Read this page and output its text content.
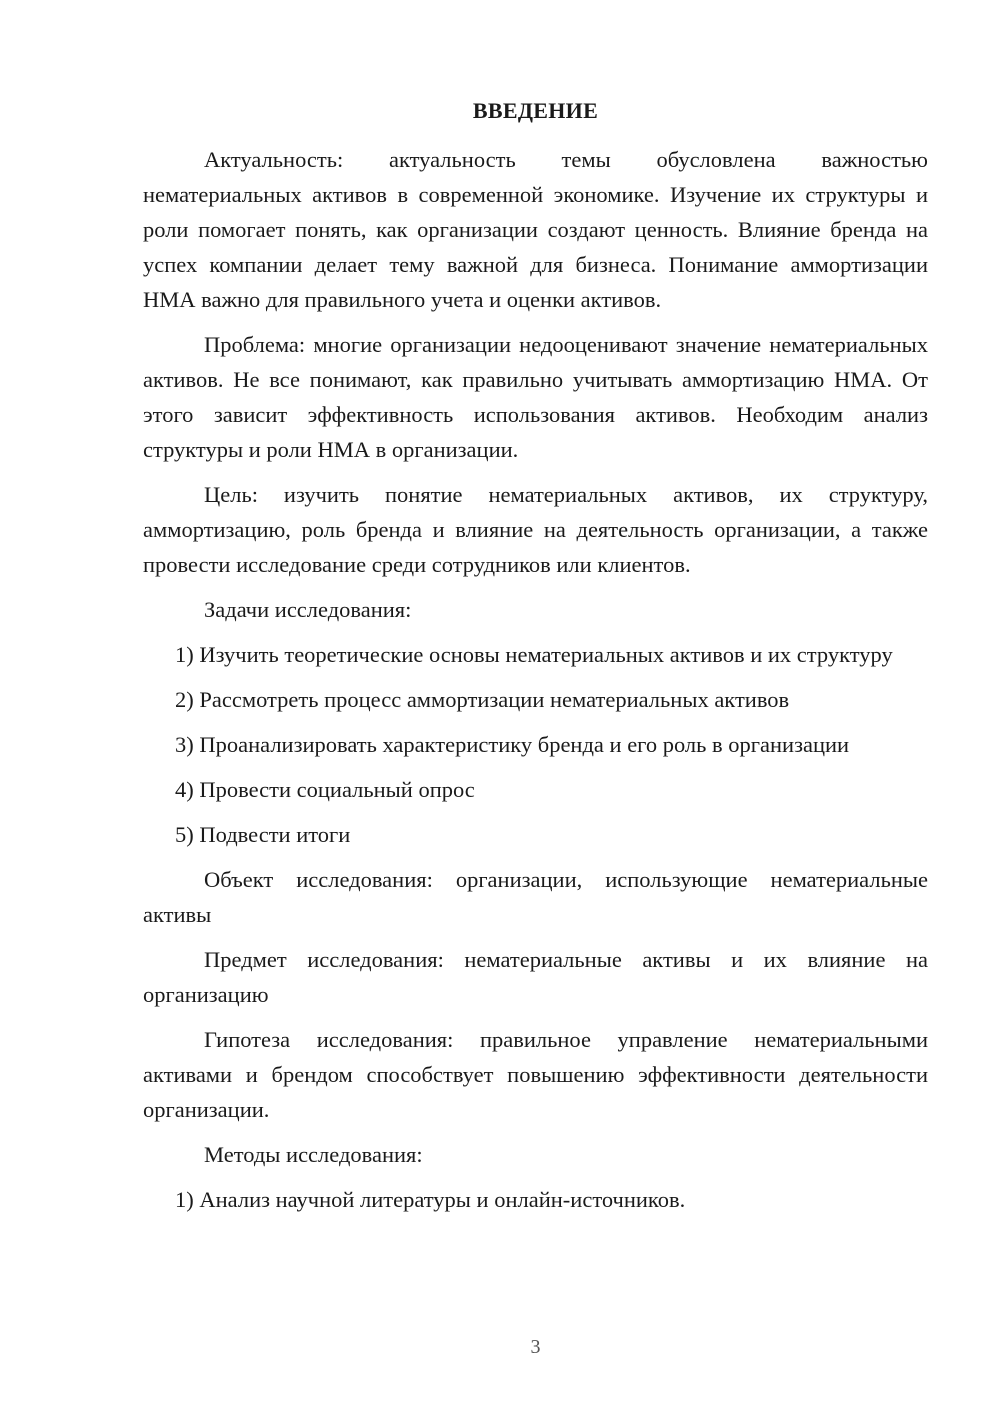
ВВЕДЕНИЕ

Актуальность: актуальность темы обусловлена важностью нематериальных активов в современной экономике. Изучение их структуры и роли помогает понять, как организации создают ценность. Влияние бренда на успех компании делает тему важной для бизнеса. Понимание аммортизации НМА важно для правильного учета и оценки активов.

Проблема: многие организации недооценивают значение нематериальных активов. Не все понимают, как правильно учитывать аммортизацию НМА. От этого зависит эффективность использования активов. Необходим анализ структуры и роли НМА в организации.

Цель: изучить понятие нематериальных активов, их структуру, аммортизацию, роль бренда и влияние на деятельность организации, а также провести исследование среди сотрудников или клиентов.

Задачи исследования:

1) Изучить теоретические основы нематериальных активов и их структуру

2) Рассмотреть процесс аммортизации нематериальных активов

3) Проанализировать характеристику бренда и его роль в организации

4) Провести социальный опрос

5) Подвести итоги

Объект исследования: организации, использующие нематериальные активы

Предмет исследования: нематериальные активы и их влияние на организацию

Гипотеза исследования: правильное управление нематериальными активами и брендом способствует повышению эффективности деятельности организации.

Методы исследования:

1) Анализ научной литературы и онлайн-источников.

3
